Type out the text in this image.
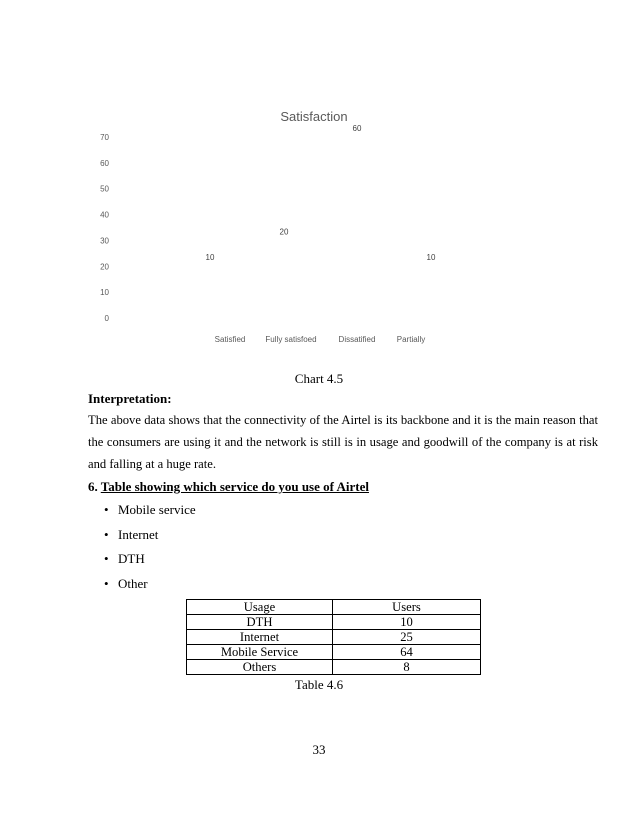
Satisfaction
0
10
20
30
40
50
60
70
10
20
60
10
Satisfied	Fully satisfoed	Dissatified	Partially
Chart 4.5
Interpretation:
The above data shows that the connectivity of the Airtel is its backbone and it is the main reason that the consumers are using it and the network is still is in usage and goodwill of the company is at risk and falling at a huge rate.
6. Table showing which service do you use of Airtel
• Mobile service
• Internet
• DTH
• Other
Usage	Users
DTH	10
Internet	25
Mobile Service	64
Others	8
Table 4.6
33
